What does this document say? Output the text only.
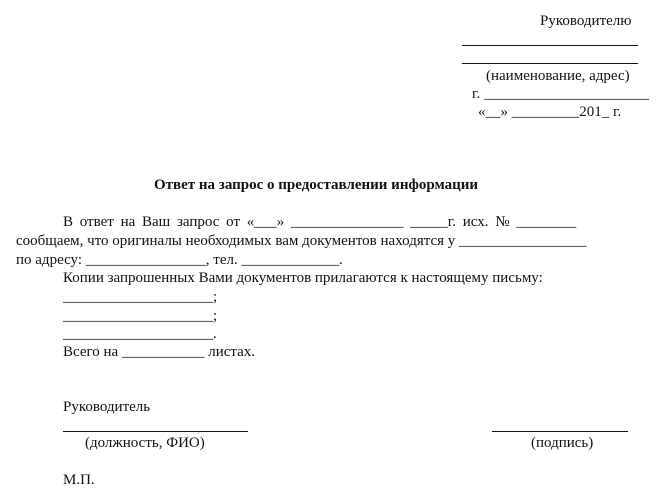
Руководителю
(наименование, адрес)
г. ______________________
«__» _________201_ г.
Ответ на запрос о предоставлении информации
В ответ на Ваш запрос от «___» _______________ _____г. исх. № ________
сообщаем, что оригиналы необходимых вам документов находятся у _________________
по адресу: ________________, тел. _____________.
Копии запрошенных Вами документов прилагаются к настоящему письму:
____________________;
____________________;
____________________.
Всего на ___________ листах.
Руководитель
(должность, ФИО)	(подпись)
М.П.
